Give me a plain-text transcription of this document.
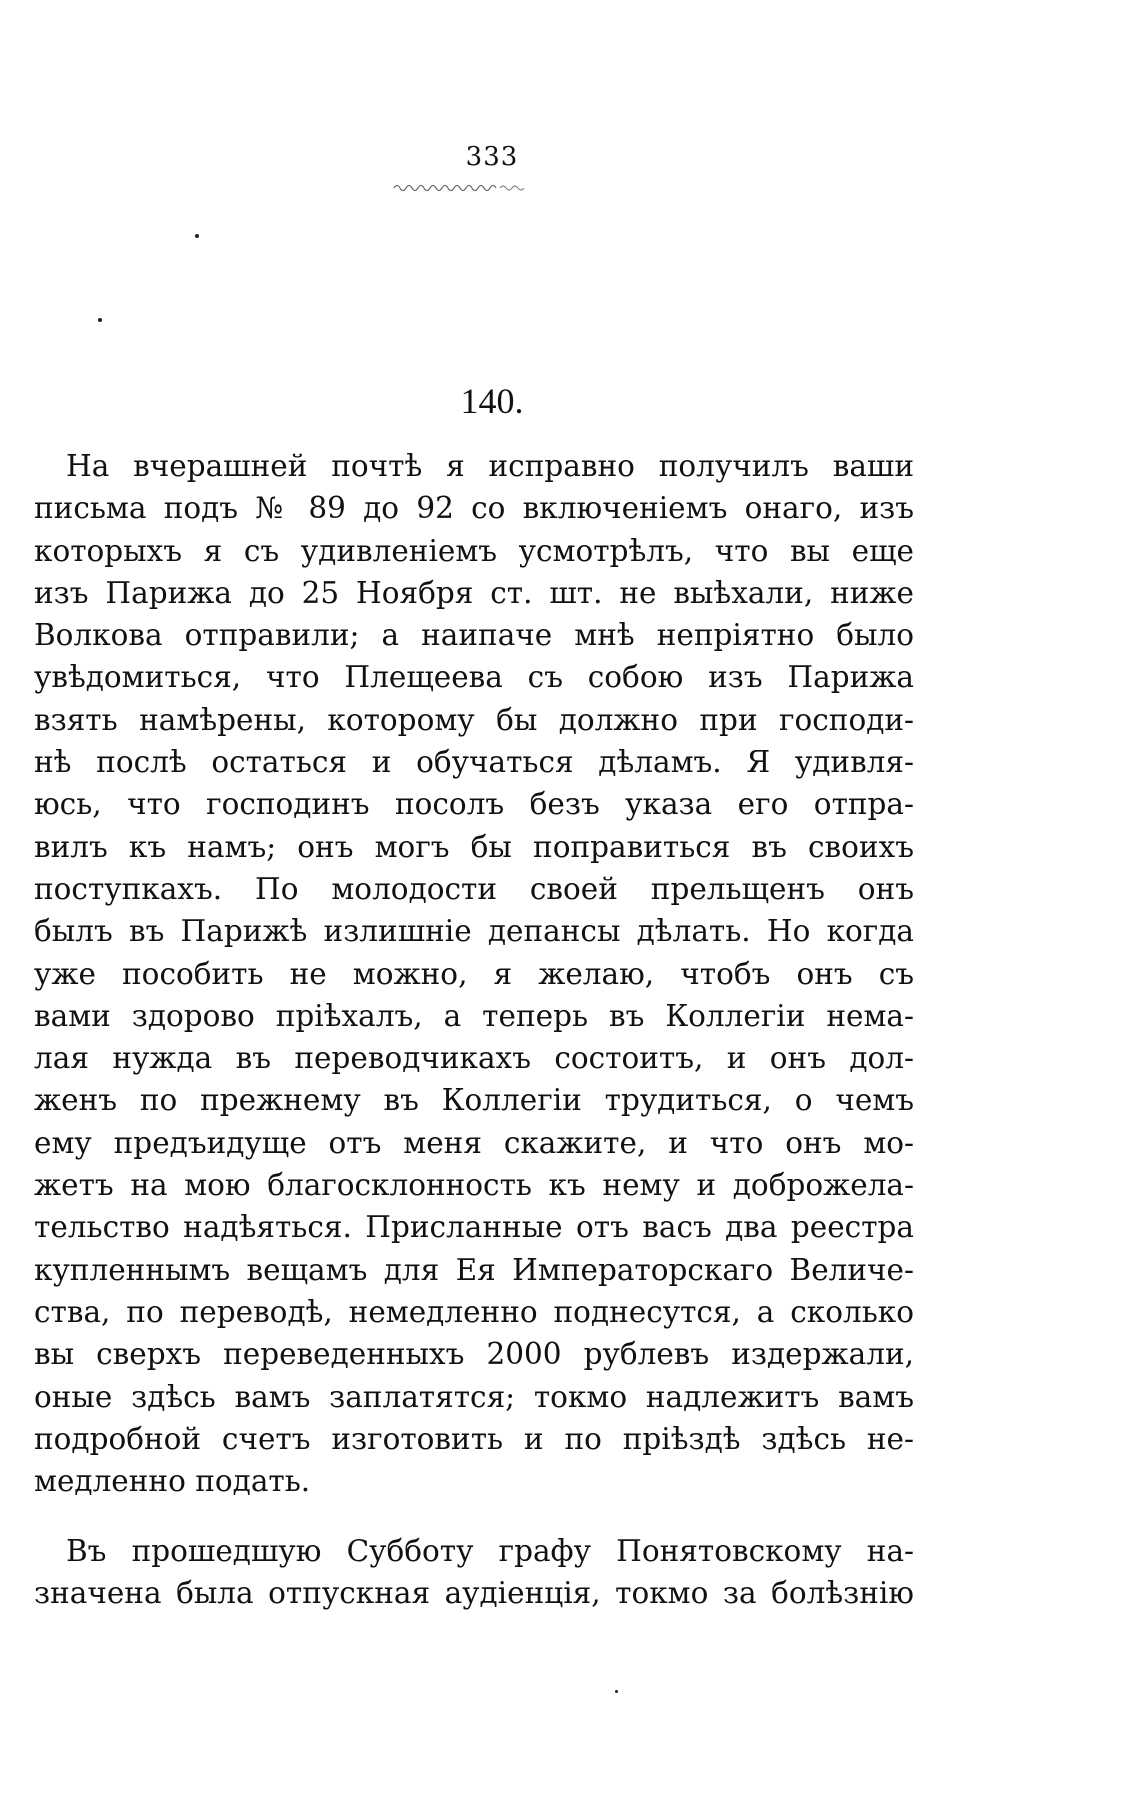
333
140.
На вчерашней почтѣ я исправно получилъ ваши
письма подъ № 89 до 92 со включеніемъ онаго, изъ
которыхъ я съ удивленіемъ усмотрѣлъ, что вы еще
изъ Парижа до 25 Ноября ст. шт. не выѣхали, ниже
Волкова отправили; а наипаче мнѣ непріятно было
увѣдомиться, что Плещеева съ собою изъ Парижа
взять намѣрены, которому бы должно при господи-
нѣ послѣ остаться и обучаться дѣламъ. Я удивля-
юсь, что господинъ посолъ безъ указа его отпра-
вилъ къ намъ; онъ могъ бы поправиться въ своихъ
поступкахъ. По молодости своей прельщенъ онъ
былъ въ Парижѣ излишніе депансы дѣлать. Но когда
уже пособить не можно, я желаю, чтобъ онъ съ
вами здорово пріѣхалъ, а теперь въ Коллегіи нема-
лая нужда въ переводчикахъ состоитъ, и онъ дол-
женъ по прежнему въ Коллегіи трудиться, о чемъ
ему предъидуще отъ меня скажите, и что онъ мо-
жетъ на мою благосклонность къ нему и доброжела-
тельство надѣяться. Присланные отъ васъ два реестра
купленнымъ вещамъ для Ея Императорскаго Величе-
ства, по переводѣ, немедленно поднесутся, а сколько
вы сверхъ переведенныхъ 2000 рублевъ издержали,
оные здѣсь вамъ заплатятся; токмо надлежитъ вамъ
подробной счетъ изготовить и по пріѣздѣ здѣсь не-
медленно подать.
Въ прошедшую Субботу графу Понятовскому на-
значена была отпускная аудіенція, токмо за болѣзнію
